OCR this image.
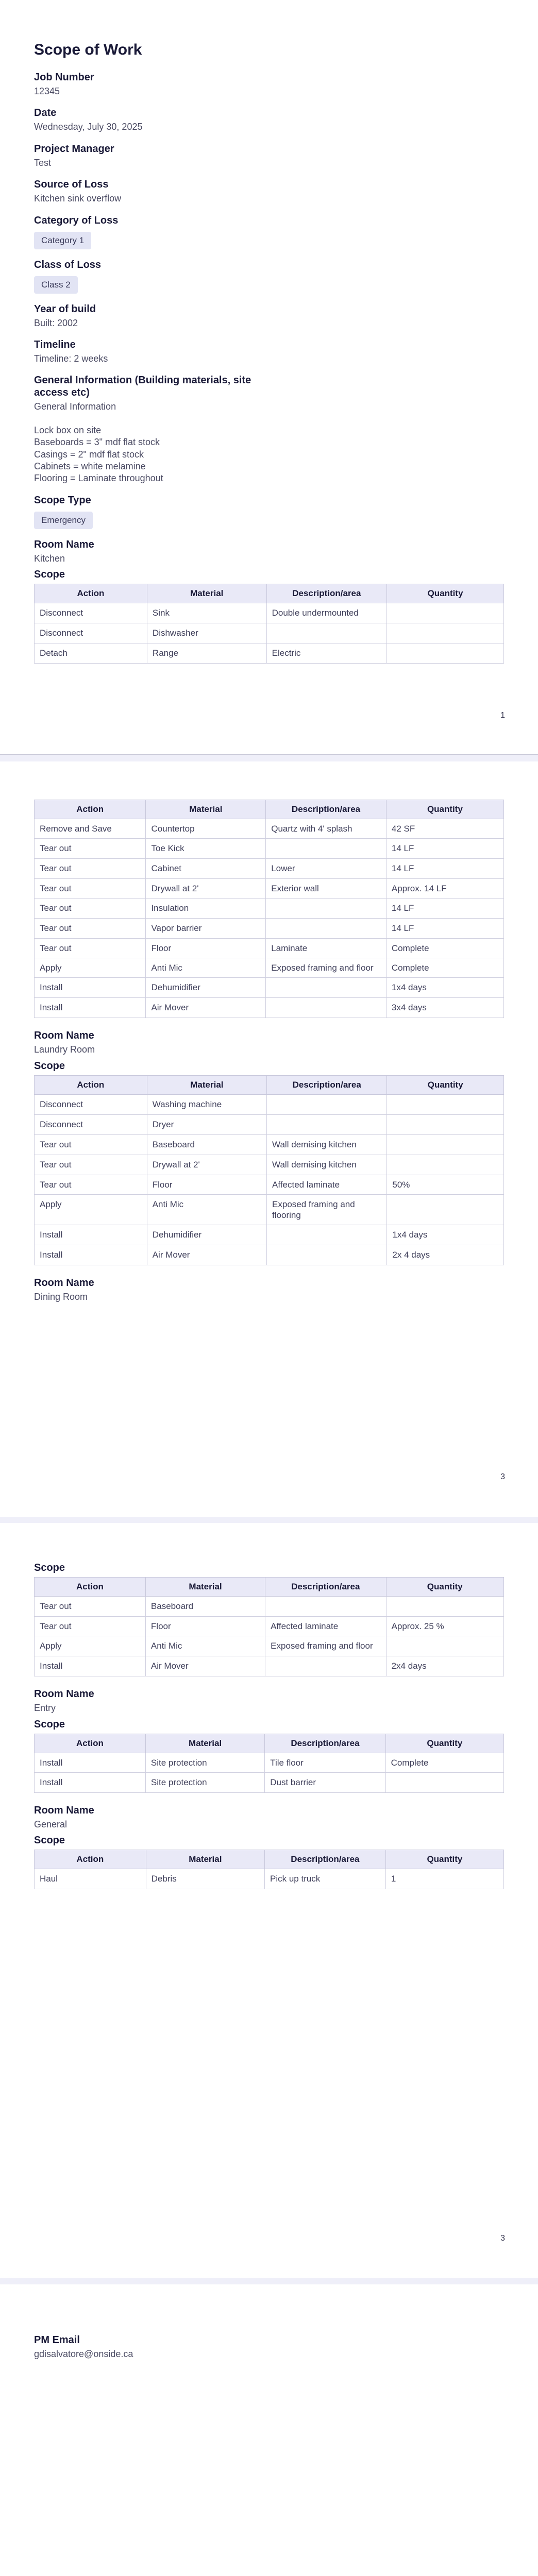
Scope of Work
Job Number
12345
Date
Wednesday, July 30, 2025
Project Manager
Test
Source of Loss
Kitchen sink overflow
Category of Loss
Category 1
Class of Loss
Class 2
Year of build
Built: 2002
Timeline
Timeline: 2 weeks
General Information (Building materials, site access etc)
General Information
Lock box on site
Baseboards = 3" mdf flat stock
Casings = 2" mdf flat stock
Cabinets = white melamine
Flooring = Laminate throughout
Scope Type
Emergency
Room Name
Kitchen
Scope
Action	Material	Description/area	Quantity
Disconnect	Sink	Double undermounted	
Disconnect	Dishwasher		
Detach	Range	Electric	
1
Action	Material	Description/area	Quantity
Remove and Save	Countertop	Quartz with 4' splash	42 SF
Tear out	Toe Kick		14 LF
Tear out	Cabinet	Lower	14 LF
Tear out	Drywall at 2'	Exterior wall	Approx. 14 LF
Tear out	Insulation		14 LF
Tear out	Vapor barrier		14 LF
Tear out	Floor	Laminate	Complete
Apply	Anti Mic	Exposed framing and floor	Complete
Install	Dehumidifier		1x4 days
Install	Air Mover		3x4 days
Room Name
Laundry Room
Scope
Action	Material	Description/area	Quantity
Disconnect	Washing machine		
Disconnect	Dryer		
Tear out	Baseboard	Wall demising kitchen	
Tear out	Drywall at 2'	Wall demising kitchen	
Tear out	Floor	Affected laminate	50%
Apply	Anti Mic	Exposed framing and flooring	
Install	Dehumidifier		1x4 days
Install	Air Mover		2x 4 days
Room Name
Dining Room
3
Scope
Action	Material	Description/area	Quantity
Tear out	Baseboard		
Tear out	Floor	Affected laminate	Approx. 25 %
Apply	Anti Mic	Exposed framing and floor	
Install	Air Mover		2x4 days
Room Name
Entry
Scope
Action	Material	Description/area	Quantity
Install	Site protection	Tile floor	Complete
Install	Site protection	Dust barrier	
Room Name
General
Scope
Action	Material	Description/area	Quantity
Haul	Debris	Pick up truck	1
3
PM Email
gdisalvatore@onside.ca
